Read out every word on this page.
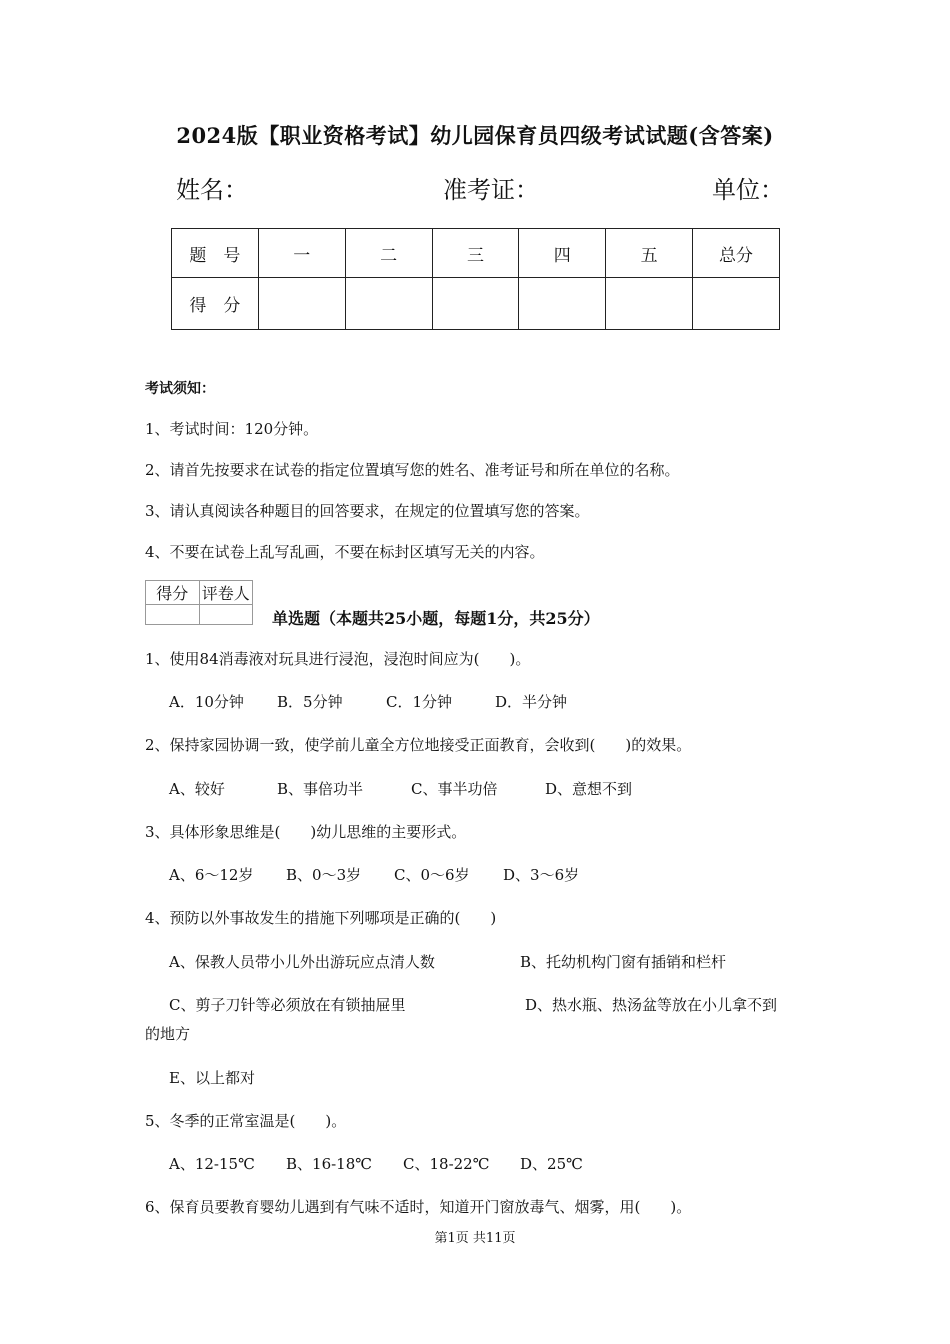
2024版【职业资格考试】幼儿园保育员四级考试试题(含答案)
姓名：	准考证：	单位：
题　号	一	二	三	四	五	总分
得　分						
考试须知：
1、考试时间：120分钟。
2、请首先按要求在试卷的指定位置填写您的姓名、准考证号和所在单位的名称。
3、请认真阅读各种题目的回答要求，在规定的位置填写您的答案。
4、不要在试卷上乱写乱画，不要在标封区填写无关的内容。
得分	评卷人

单选题（本题共25小题，每题1分，共25分）
1、使用84消毒液对玩具进行浸泡，浸泡时间应为(　　)。
A．10分钟 B．5分钟	C．1分钟	D．半分钟
2、保持家园协调一致，使学前儿童全方位地接受正面教育，会收到(　　)的效果。
A、较好	B、事倍功半	C、事半功倍	D、意想不到
3、具体形象思维是(　　)幼儿思维的主要形式。
A、6～12岁 B、0～3岁 C、0～6岁 D、3～6岁
4、预防以外事故发生的措施下列哪项是正确的(　　)
A、保教人员带小儿外出游玩应点清人数	B、托幼机构门窗有插销和栏杆
C、剪子刀针等必须放在有锁抽屉里	D、热水瓶、热汤盆等放在小儿拿不到
的地方
E、以上都对
5、冬季的正常室温是(　　)。
A、12-15℃ B、16-18℃ C、18-22℃ D、25℃
6、保育员要教育婴幼儿遇到有气味不适时，知道开门窗放毒气、烟雾，用(　　)。
第1页 共11页
